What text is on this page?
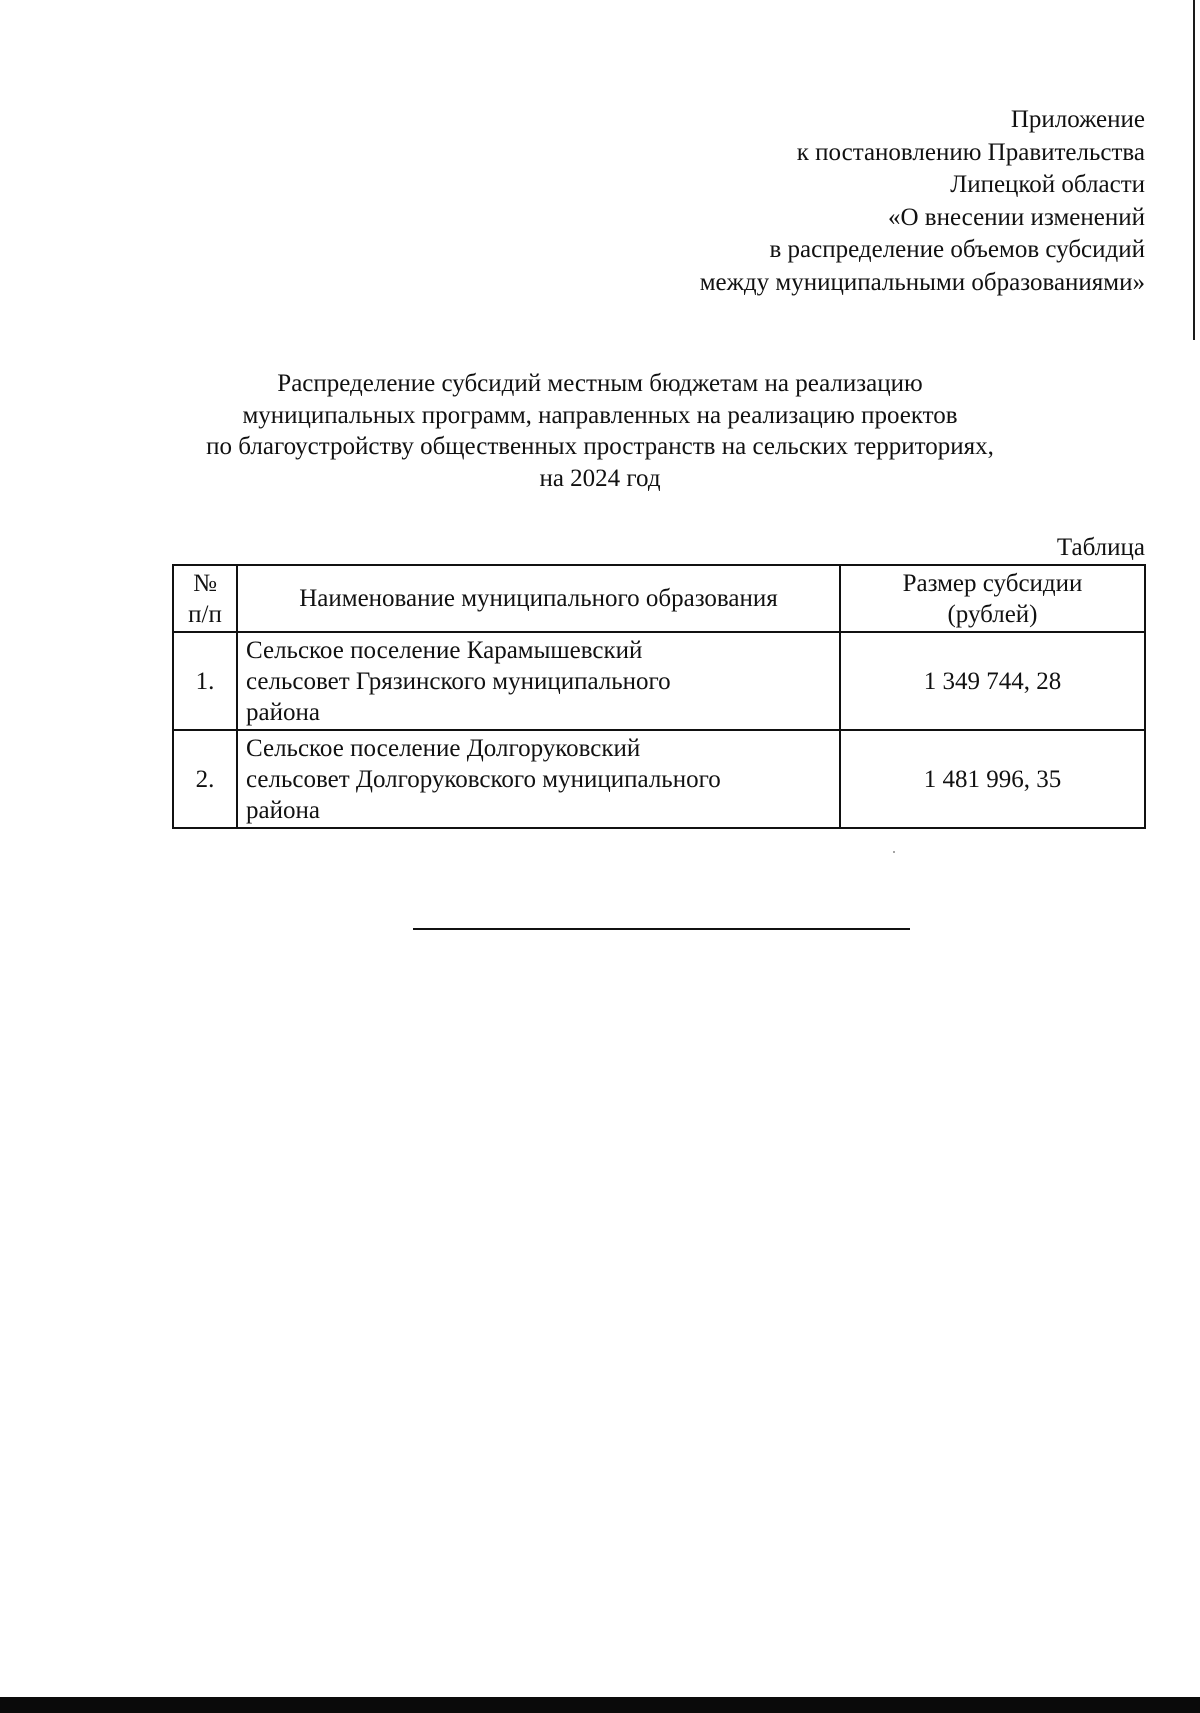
Приложение
к постановлению Правительства
Липецкой области
«О внесении изменений
в распределение объемов субсидий
между муниципальными образованиями»
Распределение субсидий местным бюджетам на реализацию
муниципальных программ, направленных на реализацию проектов
по благоустройству общественных пространств на сельских территориях,
на 2024 год
Таблица
№
п/п	Наименование муниципального образования	Размер субсидии
(рублей)

1.	Сельское поселение Карамышевский
сельсовет Грязинского муниципального
района	1 349 744, 28
2.	Сельское поселение Долгоруковский
сельсовет Долгоруковского муниципального
района	1 481 996, 35
